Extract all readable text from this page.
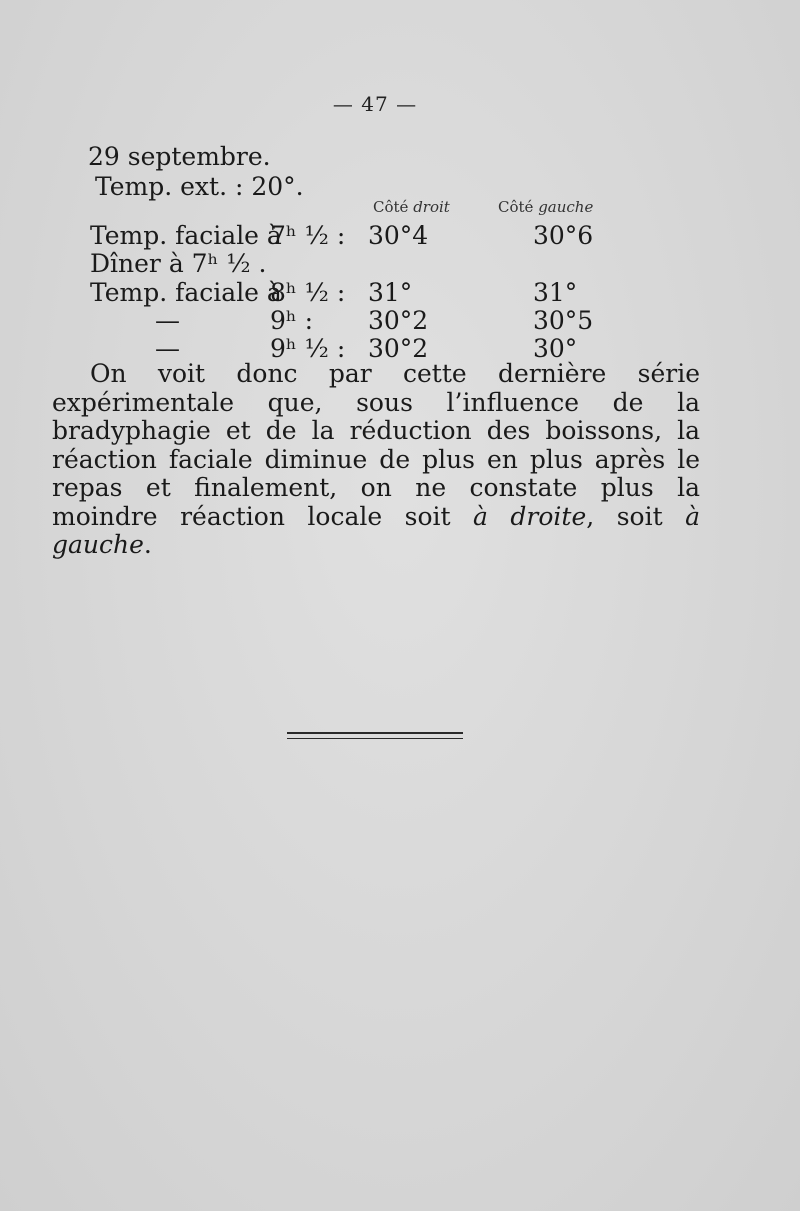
— 47 —
29 septembre.
Temp. ext. : 20°.
Côté droit	Côté gauche
Temp. faciale à
7ʰ ½ : 30°4	30°6
Dîner à 7ʰ ½ .
Temp. faciale à
8ʰ ½ : 31°	31°
—	9ʰ : 30°2	30°5
—	9ʰ ½ : 30°2	30°
On voit donc par cette dernière série expérimentale que, sous l’influence de la bradyphagie et de la réduction des boissons, la réaction faciale diminue de plus en plus après le repas et finalement, on ne constate plus la moindre réaction locale soit à droite, soit à gauche.
